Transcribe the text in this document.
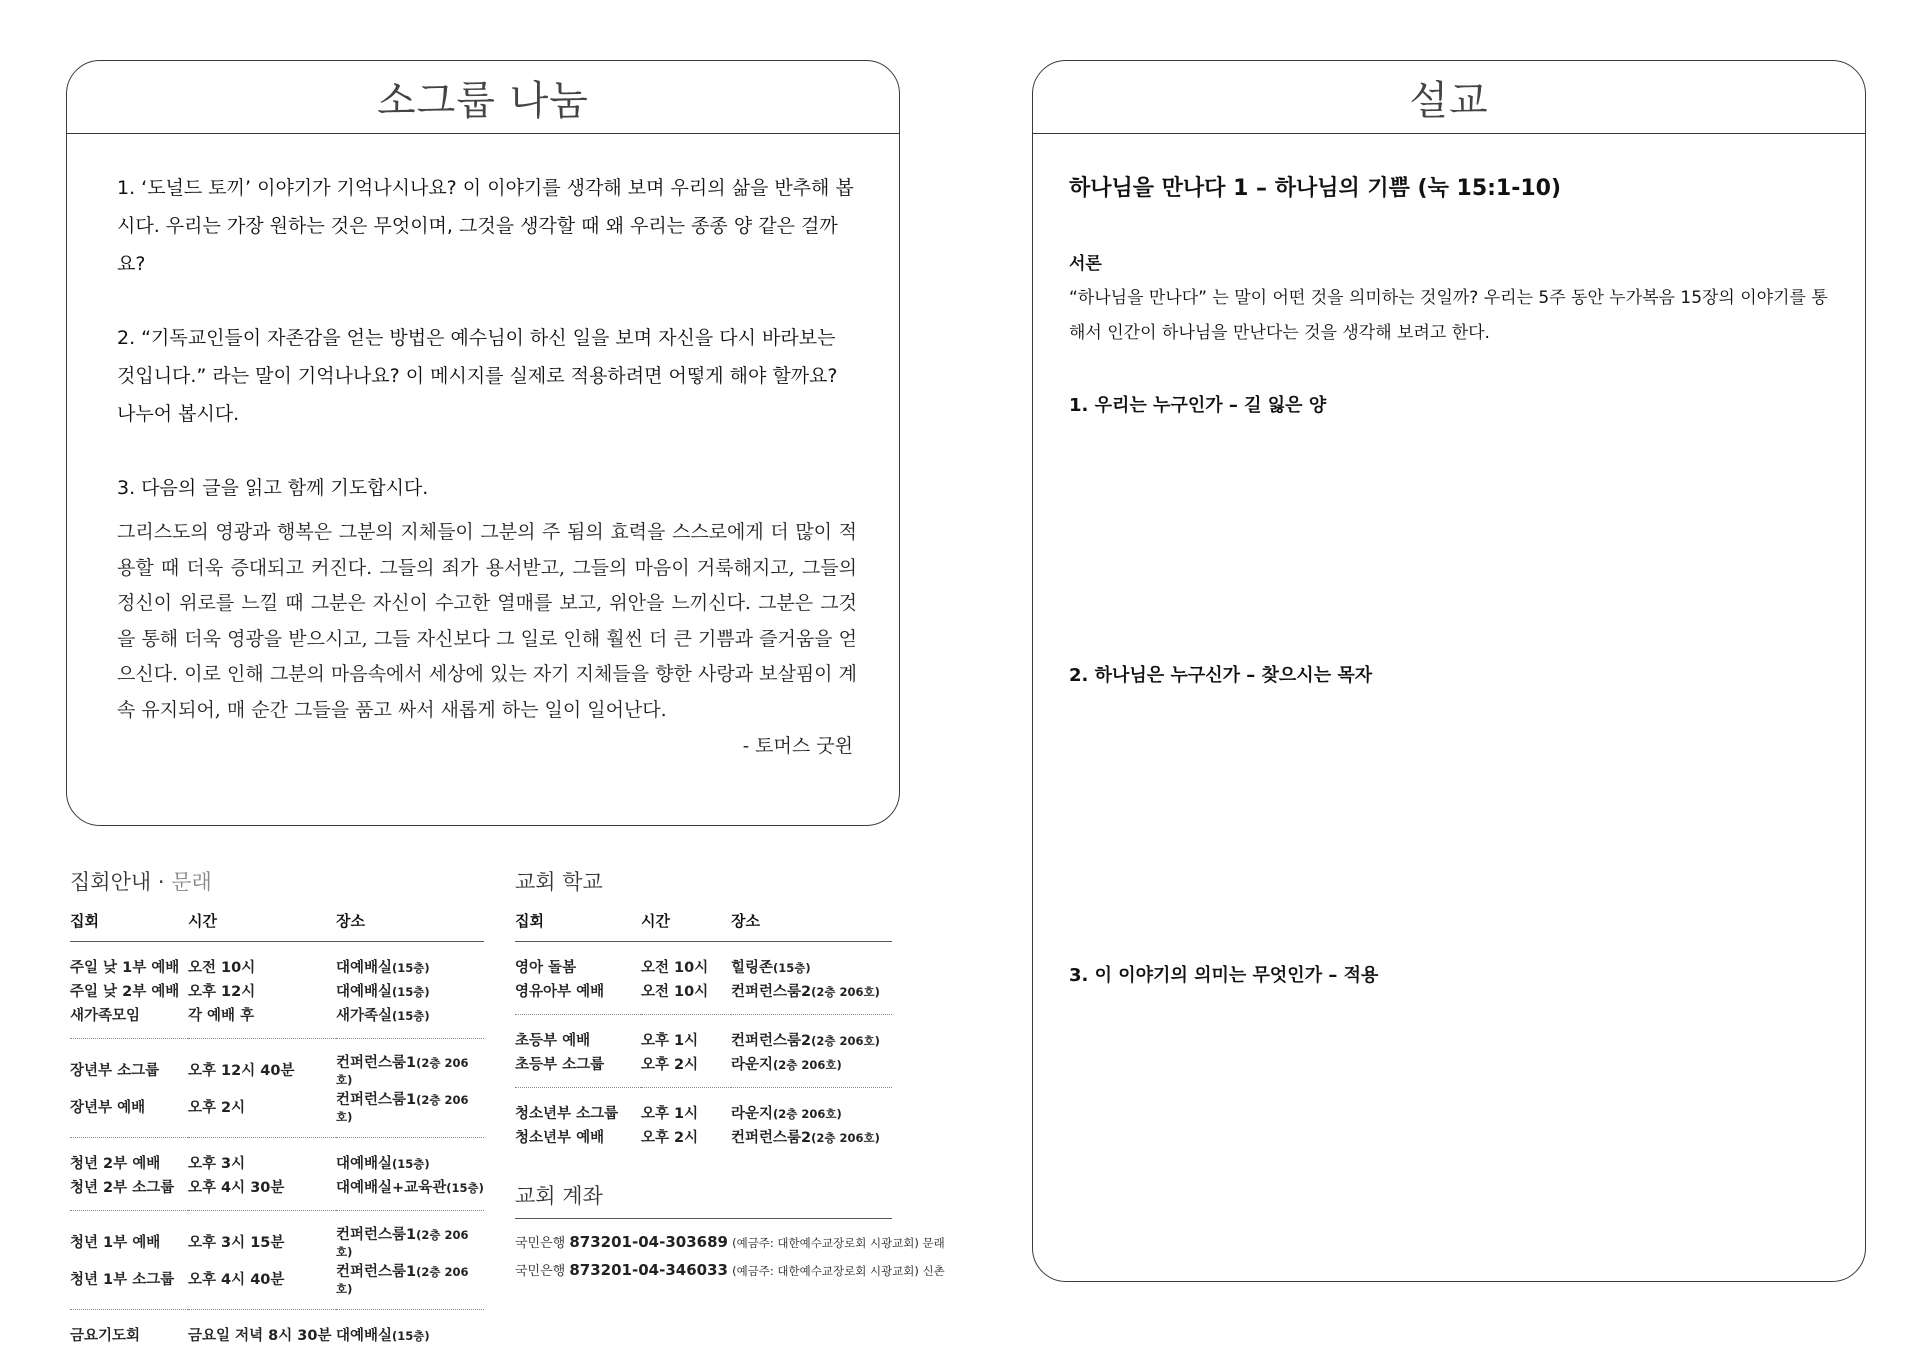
소그룹 나눔
1. ‘도널드 토끼’ 이야기가 기억나시나요? 이 이야기를 생각해 보며 우리의 삶을 반추해 봅시다. 우리는 가장 원하는 것은 무엇이며, 그것을 생각할 때 왜 우리는 종종 양 같은 걸까요?
2. “기독교인들이 자존감을 얻는 방법은 예수님이 하신 일을 보며 자신을 다시 바라보는 것입니다.” 라는 말이 기억나나요? 이 메시지를 실제로 적용하려면 어떻게 해야 할까요? 나누어 봅시다.
3. 다음의 글을 읽고 함께 기도합시다.
그리스도의 영광과 행복은 그분의 지체들이 그분의 주 됨의 효력을 스스로에게 더 많이 적용할 때 더욱 증대되고 커진다. 그들의 죄가 용서받고, 그들의 마음이 거룩해지고, 그들의 정신이 위로를 느낄 때 그분은 자신이 수고한 열매를 보고, 위안을 느끼신다. 그분은 그것을 통해 더욱 영광을 받으시고, 그들 자신보다 그 일로 인해 훨씬 더 큰 기쁨과 즐거움을 얻으신다. 이로 인해 그분의 마음속에서 세상에 있는 자기 지체들을 향한 사랑과 보살핌이 계속 유지되어, 매 순간 그들을 품고 싸서 새롭게 하는 일이 일어난다.
- 토머스 굿윈
설교
하나님을 만나다 1 – 하나님의 기쁨 (눅 15:1-10)
서론
“하나님을 만나다” 는 말이 어떤 것을 의미하는 것일까? 우리는 5주 동안 누가복음 15장의 이야기를 통해서 인간이 하나님을 만난다는 것을 생각해 보려고 한다.
1. 우리는 누구인가 – 길 잃은 양
2. 하나님은 누구신가 – 찾으시는 목자
3. 이 이야기의 의미는 무엇인가 – 적용
집회안내 · 문래
집회	시간	장소
주일 낮 1부 예배	오전 10시	대예배실(15층)
주일 낮 2부 예배	오후 12시	대예배실(15층)
새가족모임	각 예배 후	새가족실(15층)
장년부 소그룹	오후 12시 40분	컨퍼런스룸1(2층 206호)
장년부 예배	오후 2시	컨퍼런스룸1(2층 206호)
청년 2부 예배	오후 3시	대예배실(15층)
청년 2부 소그룹	오후 4시 30분	대예배실+교육관(15층)
청년 1부 예배	오후 3시 15분	컨퍼런스룸1(2층 206호)
청년 1부 소그룹	오후 4시 40분	컨퍼런스룸1(2층 206호)
금요기도회	금요일 저녁 8시 30분	대예배실(15층)
교회 학교
집회	시간	장소
영아 돌봄	오전 10시	힐링존(15층)
영유아부 예배	오전 10시	컨퍼런스룸2(2층 206호)
초등부 예배	오후 1시	컨퍼런스룸2(2층 206호)
초등부 소그룹	오후 2시	라운지(2층 206호)
청소년부 소그룹	오후 1시	라운지(2층 206호)
청소년부 예배	오후 2시	컨퍼런스룸2(2층 206호)
교회 계좌
국민은행 873201-04-303689 (예금주: 대한예수교장로회 시광교회) 문래
국민은행 873201-04-346033 (예금주: 대한예수교장로회 시광교회) 신촌
